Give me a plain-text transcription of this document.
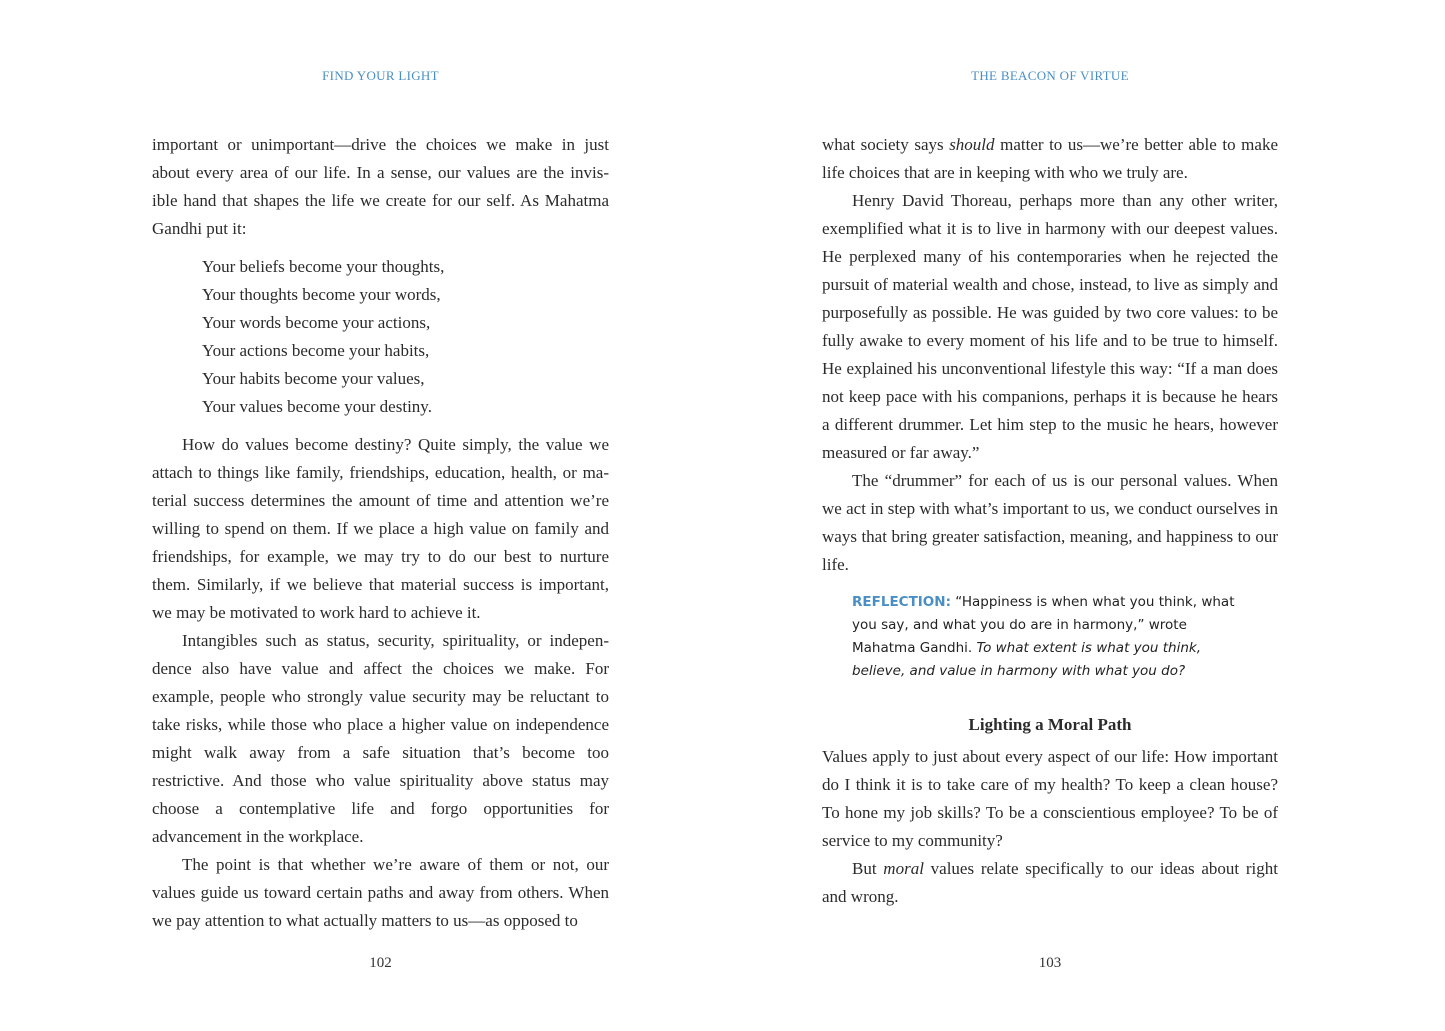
FIND YOUR LIGHT

important or unimportant—drive the choices we make in just about every area of our life. In a sense, our values are the invis-ible hand that shapes the life we create for our self. As Mahatma Gandhi put it:

Your beliefs become your thoughts,
Your thoughts become your words,
Your words become your actions,
Your actions become your habits,
Your habits become your values,
Your values become your destiny.

How do values become destiny? Quite simply, the value we attach to things like family, friendships, education, health, or ma-terial success determines the amount of time and attention we’re willing to spend on them. If we place a high value on family and friendships, for example, we may try to do our best to nurture them. Similarly, if we believe that material success is important, we may be motivated to work hard to achieve it.

Intangibles such as status, security, spirituality, or indepen-dence also have value and affect the choices we make. For example, people who strongly value security may be reluctant to take risks, while those who place a higher value on independence might walk away from a safe situation that’s become too restrictive. And those who value spirituality above status may choose a contemplative life and forgo opportunities for advancement in the workplace.

The point is that whether we’re aware of them or not, our values guide us toward certain paths and away from others. When we pay attention to what actually matters to us—as opposed to

102
THE BEACON OF VIRTUE

what society says should matter to us—we’re better able to make life choices that are in keeping with who we truly are.

Henry David Thoreau, perhaps more than any other writer, exemplified what it is to live in harmony with our deepest values. He perplexed many of his contemporaries when he rejected the pursuit of material wealth and chose, instead, to live as simply and purposefully as possible. He was guided by two core values: to be fully awake to every moment of his life and to be true to himself. He explained his unconventional lifestyle this way: “If a man does not keep pace with his companions, perhaps it is because he hears a different drummer. Let him step to the music he hears, however measured or far away.”

The “drummer” for each of us is our personal values. When we act in step with what’s important to us, we conduct ourselves in ways that bring greater satisfaction, meaning, and happiness to our life.

REFLECTION: “Happiness is when what you think, what you say, and what you do are in harmony,” wrote Mahatma Gandhi. To what extent is what you think, believe, and value in harmony with what you do?
Lighting a Moral Path

Values apply to just about every aspect of our life: How important do I think it is to take care of my health? To keep a clean house? To hone my job skills? To be a conscientious employee? To be of service to my community?

But moral values relate specifically to our ideas about right and wrong.

103
